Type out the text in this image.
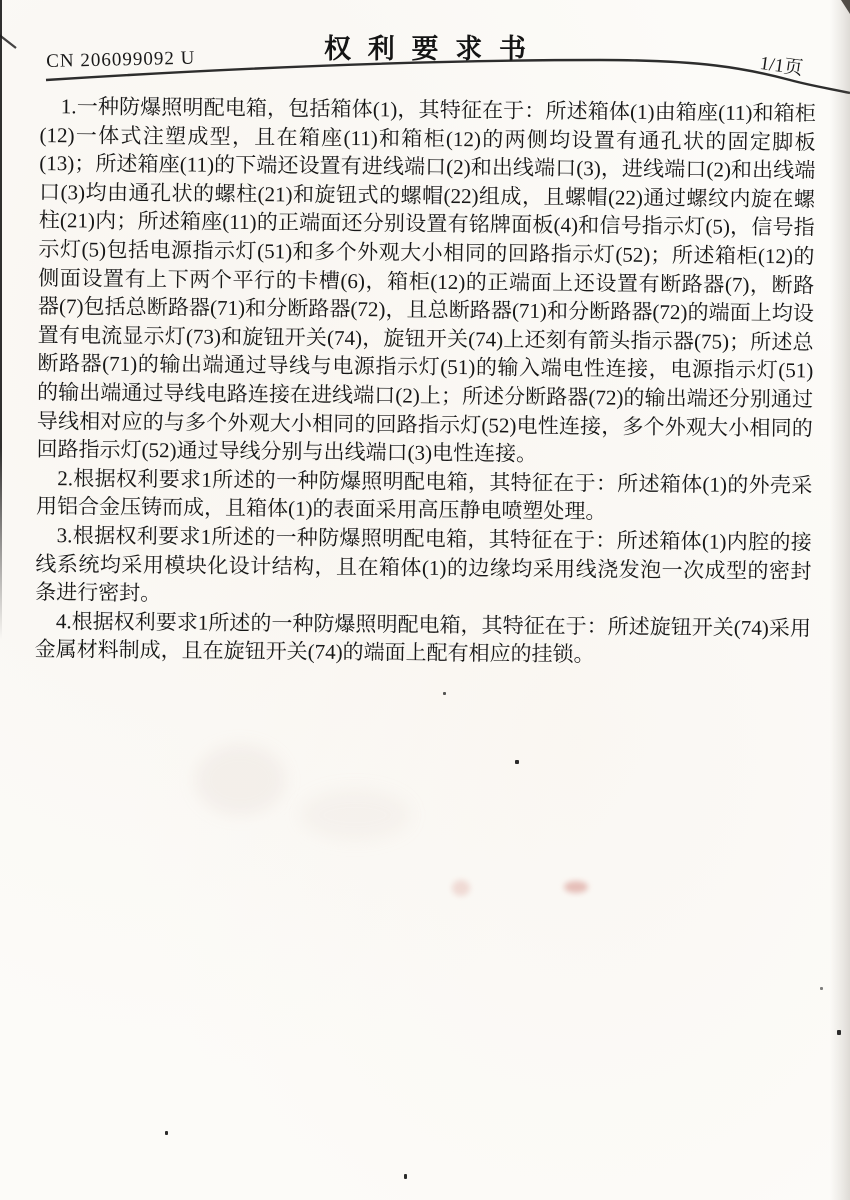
权利要求书
CN 206099092 U	1/1页

1.一种防爆照明配电箱，包括箱体(1)，其特征在于：所述箱体(1)由箱座(11)和箱柜(12)一体式注塑成型，且在箱座(11)和箱柜(12)的两侧均设置有通孔状的固定脚板(13)；所述箱座(11)的下端还设置有进线端口(2)和出线端口(3)，进线端口(2)和出线端口(3)均由通孔状的螺柱(21)和旋钮式的螺帽(22)组成，且螺帽(22)通过螺纹内旋在螺柱(21)内；所述箱座(11)的正端面还分别设置有铭牌面板(4)和信号指示灯(5)，信号指示灯(5)包括电源指示灯(51)和多个外观大小相同的回路指示灯(52)；所述箱柜(12)的侧面设置有上下两个平行的卡槽(6)，箱柜(12)的正端面上还设置有断路器(7)，断路器(7)包括总断路器(71)和分断路器(72)，且总断路器(71)和分断路器(72)的端面上均设置有电流显示灯(73)和旋钮开关(74)，旋钮开关(74)上还刻有箭头指示器(75)；所述总断路器(71)的输出端通过导线与电源指示灯(51)的输入端电性连接，电源指示灯(51)的输出端通过导线电路连接在进线端口(2)上；所述分断路器(72)的输出端还分别通过导线相对应的与多个外观大小相同的回路指示灯(52)电性连接，多个外观大小相同的回路指示灯(52)通过导线分别与出线端口(3)电性连接。

2.根据权利要求1所述的一种防爆照明配电箱，其特征在于：所述箱体(1)的外壳采用铝合金压铸而成，且箱体(1)的表面采用高压静电喷塑处理。

3.根据权利要求1所述的一种防爆照明配电箱，其特征在于：所述箱体(1)内腔的接线系统均采用模块化设计结构，且在箱体(1)的边缘均采用线浇发泡一次成型的密封条进行密封。

4.根据权利要求1所述的一种防爆照明配电箱，其特征在于：所述旋钮开关(74)采用金属材料制成，且在旋钮开关(74)的端面上配有相应的挂锁。
